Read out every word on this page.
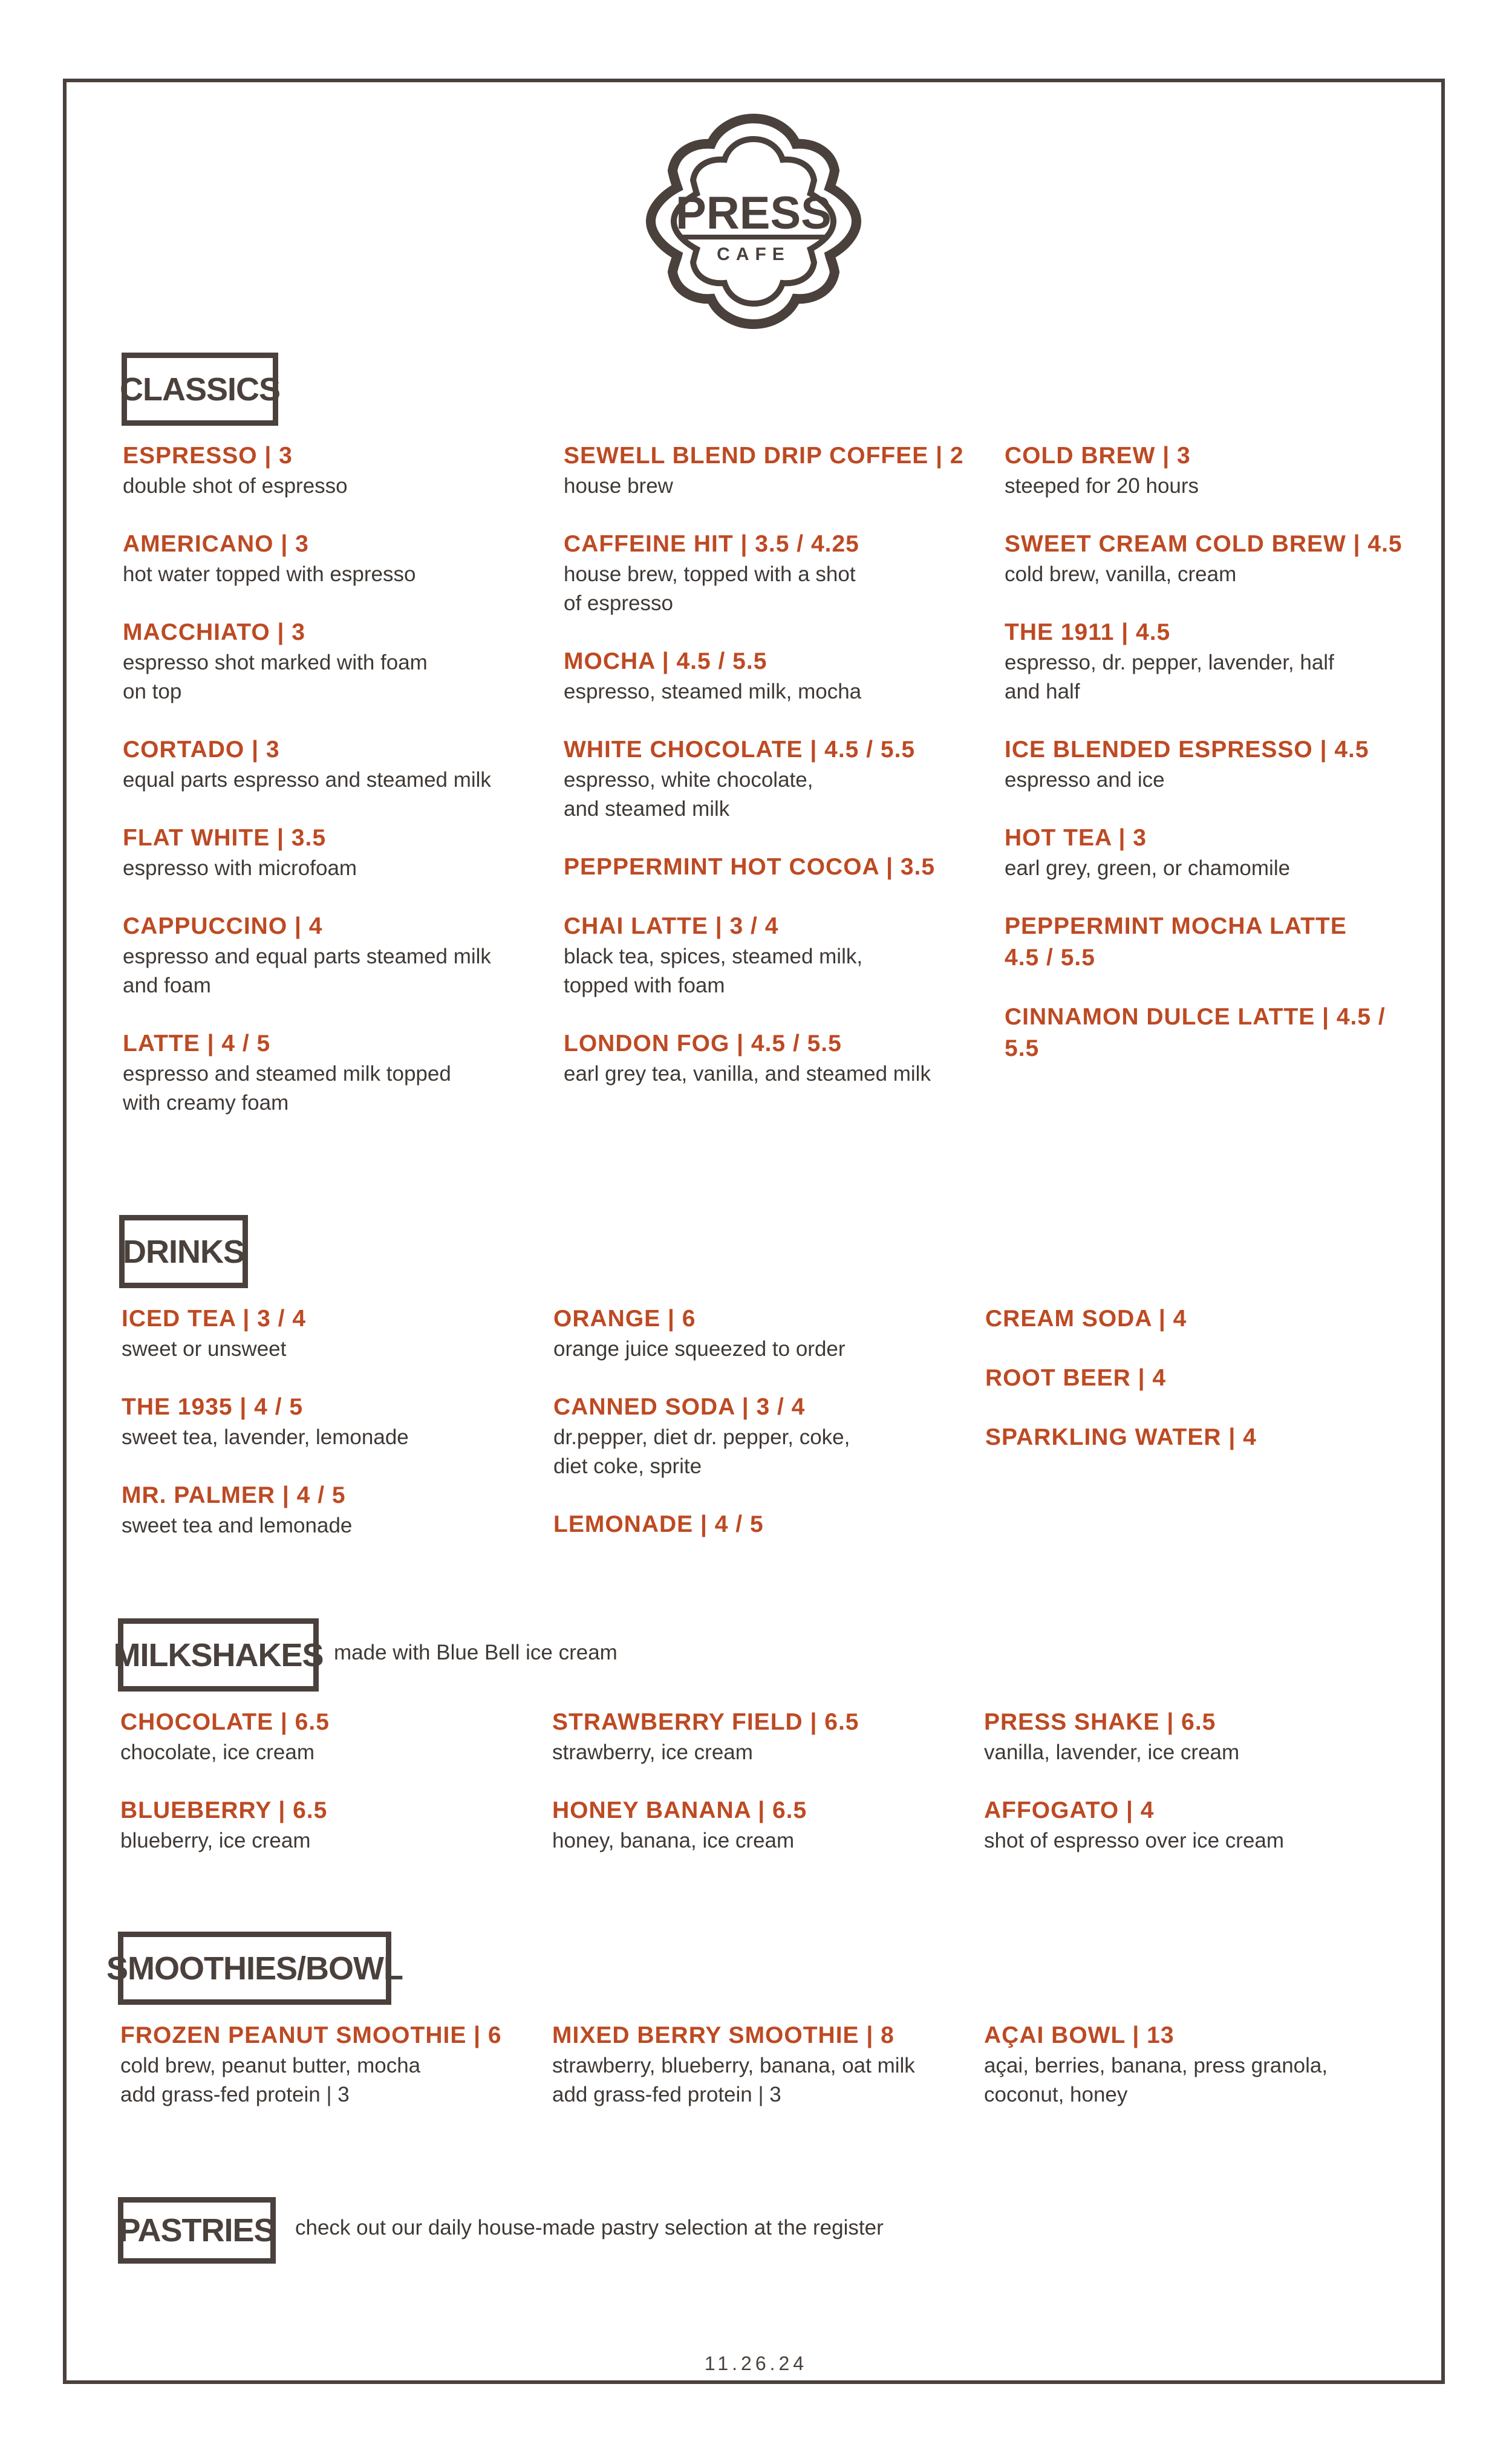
PRESS
CAFE
CLASSICS
ESPRESSO | 3
double shot of espresso
AMERICANO | 3
hot water topped with espresso
MACCHIATO | 3
espresso shot marked with foam
on top
CORTADO | 3
equal parts espresso and steamed milk
FLAT WHITE | 3.5
espresso with microfoam
CAPPUCCINO | 4
espresso and equal parts steamed milk
and foam
LATTE | 4 / 5
espresso and steamed milk topped
with creamy foam
SEWELL BLEND DRIP COFFEE | 2
house brew
CAFFEINE HIT | 3.5 / 4.25
house brew, topped with a shot
of espresso
MOCHA | 4.5 / 5.5
espresso, steamed milk, mocha
WHITE CHOCOLATE | 4.5 / 5.5
espresso, white chocolate,
and steamed milk
PEPPERMINT HOT COCOA | 3.5
CHAI LATTE | 3 / 4
black tea, spices, steamed milk,
topped with foam
LONDON FOG | 4.5 / 5.5
earl grey tea, vanilla, and steamed milk
COLD BREW | 3
steeped for 20 hours
SWEET CREAM COLD BREW | 4.5
cold brew, vanilla, cream
THE 1911 | 4.5
espresso, dr. pepper, lavender, half
and half
ICE BLENDED ESPRESSO | 4.5
espresso and ice
HOT TEA | 3
earl grey, green, or chamomile
PEPPERMINT MOCHA LATTE
4.5 / 5.5
CINNAMON DULCE LATTE | 4.5 / 5.5
DRINKS
ICED TEA | 3 / 4
sweet or unsweet
THE 1935 | 4 / 5
sweet tea, lavender, lemonade
MR. PALMER | 4 / 5
sweet tea and lemonade
ORANGE | 6
orange juice squeezed to order
CANNED SODA | 3 / 4
dr.pepper, diet dr. pepper, coke,
diet coke, sprite
LEMONADE | 4 / 5
CREAM SODA | 4
ROOT BEER | 4
SPARKLING WATER | 4
MILKSHAKES made with Blue Bell ice cream
CHOCOLATE | 6.5
chocolate, ice cream
BLUEBERRY | 6.5
blueberry, ice cream
STRAWBERRY FIELD | 6.5
strawberry, ice cream
HONEY BANANA | 6.5
honey, banana, ice cream
PRESS SHAKE | 6.5
vanilla, lavender, ice cream
AFFOGATO | 4
shot of espresso over ice cream
SMOOTHIES/BOWL
FROZEN PEANUT SMOOTHIE | 6
cold brew, peanut butter, mocha
add grass-fed protein | 3
MIXED BERRY SMOOTHIE | 8
strawberry, blueberry, banana, oat milk
add grass-fed protein | 3
AÇAI BOWL | 13
açai, berries, banana, press granola,
coconut, honey
PASTRIES check out our daily house-made pastry selection at the register
11.26.24
